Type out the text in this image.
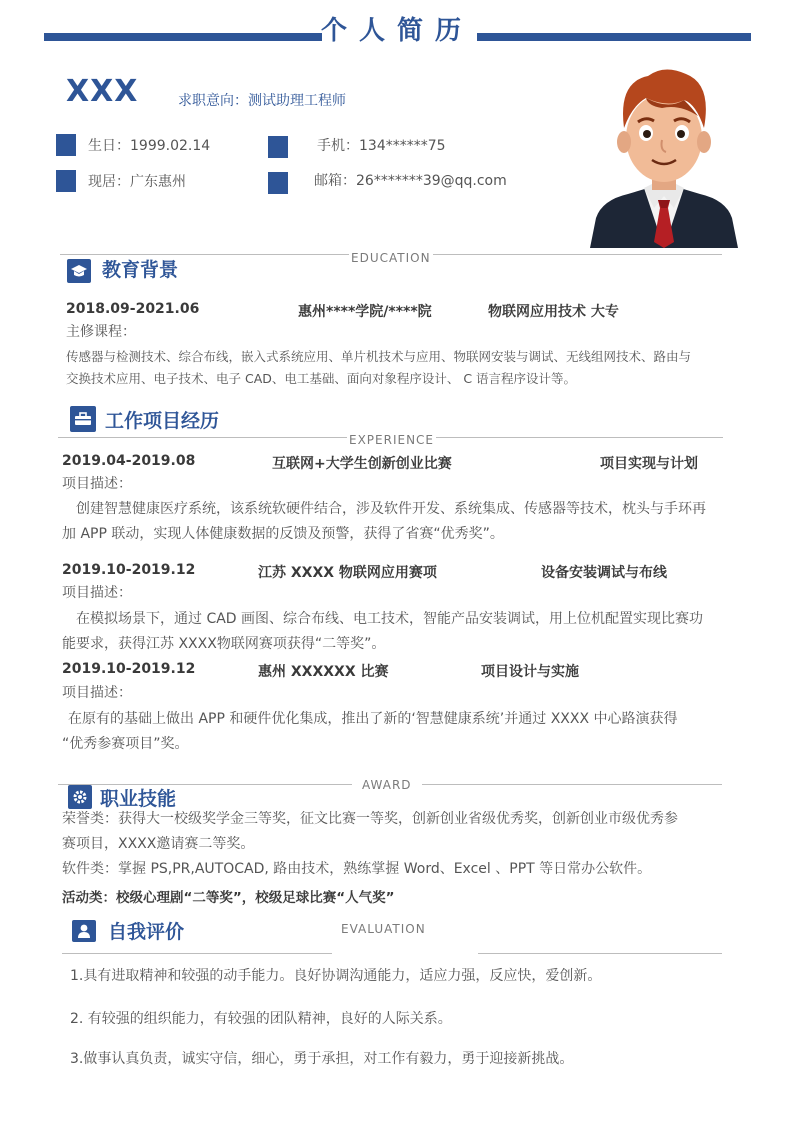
个人简历
XXX	求职意向：测试助理工程师
生日：1999.02.14	手机：134******75
现居：广东惠州	邮箱：26*******39@qq.com
EDUCATION
教育背景
2018.09-2021.06	惠州****学院/****院	物联网应用技术 大专
主修课程：
传感器与检测技术、综合布线，嵌入式系统应用、单片机技术与应用、物联网安装与调试、无线组网技术、路由与
交换技术应用、电子技术、电子 CAD、电工基础、面向对象程序设计、 C 语言程序设计等。
工作项目经历
EXPERIENCE
2019.04-2019.08	互联网+大学生创新创业比赛	项目实现与计划
项目描述：
创建智慧健康医疗系统，该系统软硬件结合，涉及软件开发、系统集成、传感器等技术，枕头与手环再
加 APP 联动，实现人体健康数据的反馈及预警，获得了省赛“优秀奖”。
2019.10-2019.12	江苏 XXXX 物联网应用赛项	设备安装调试与布线
项目描述：
在模拟场景下，通过 CAD 画图、综合布线、电工技术，智能产品安装调试，用上位机配置实现比赛功
能要求，获得江苏 XXXX物联网赛项获得“二等奖”。
2019.10-2019.12	惠州 XXXXXX 比赛	项目设计与实施
项目描述：
在原有的基础上做出 APP 和硬件优化集成，推出了新的‘智慧健康系统’并通过 XXXX 中心路演获得
“优秀参赛项目”奖。
AWARD
职业技能
荣誉类：获得大一校级奖学金三等奖，征文比赛一等奖，创新创业省级优秀奖，创新创业市级优秀参
赛项目，XXXX邀请赛二等奖。
软件类：掌握 PS,PR,AUTOCAD, 路由技术，熟练掌握 Word、Excel 、PPT 等日常办公软件。
活动类：校级心理剧“二等奖”，校级足球比赛“人气奖”
自我评价	EVALUATION
1.具有进取精神和较强的动手能力。良好协调沟通能力，适应力强，反应快，爱创新。
2. 有较强的组织能力，有较强的团队精神，良好的人际关系。
3.做事认真负责，诚实守信，细心，勇于承担，对工作有毅力，勇于迎接新挑战。
